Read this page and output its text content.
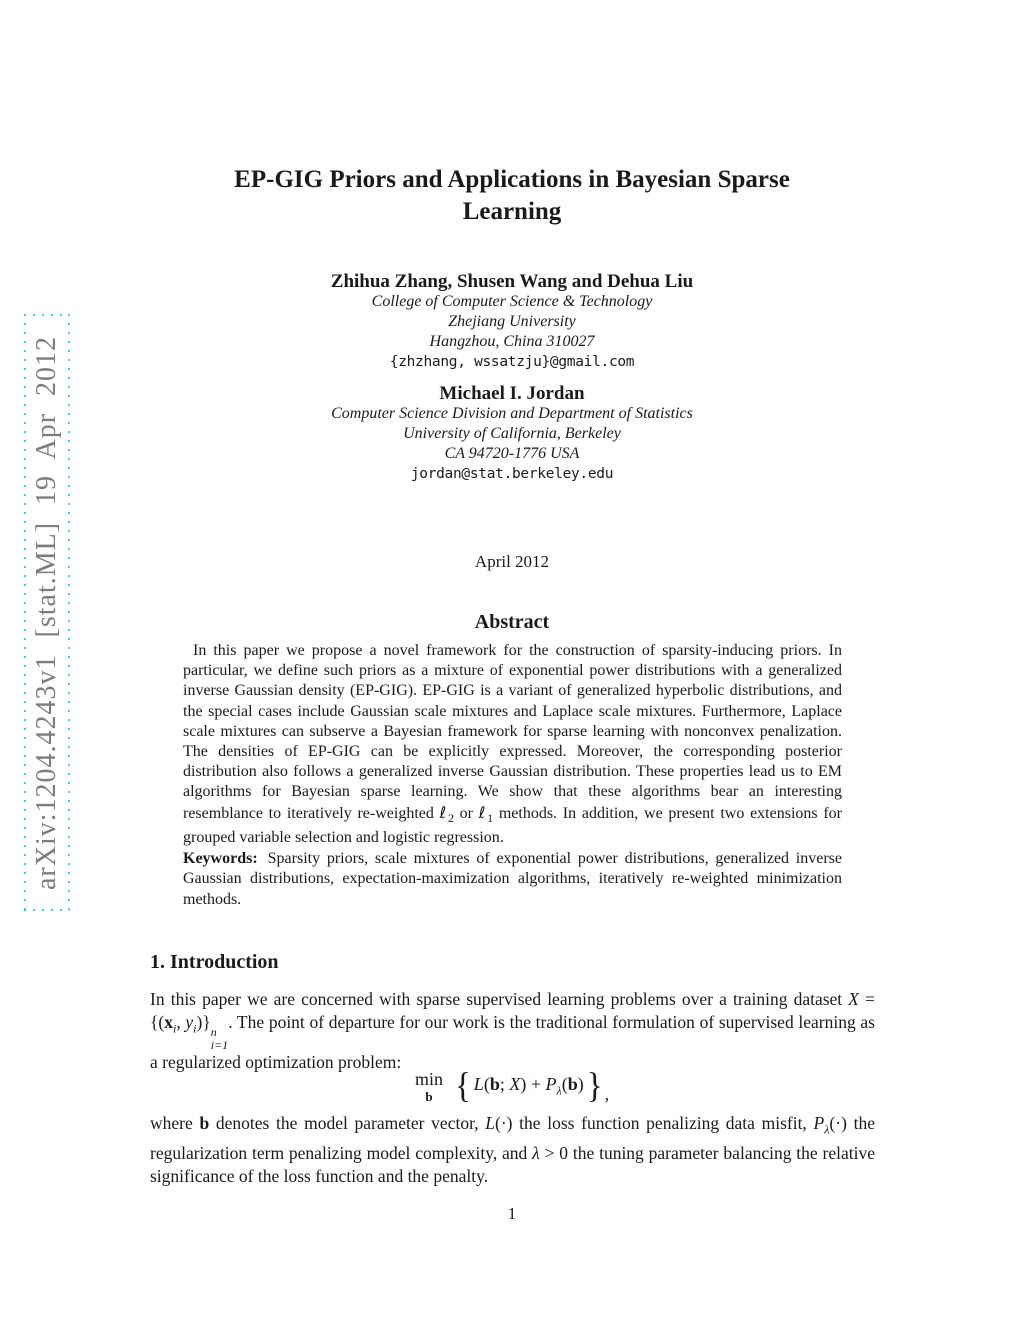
arXiv:1204.4243v1 [stat.ML] 19 Apr 2012
EP-GIG Priors and Applications in Bayesian Sparse
Learning
Zhihua Zhang, Shusen Wang and Dehua Liu
College of Computer Science & Technology
Zhejiang University
Hangzhou, China 310027
{zhzhang, wssatzju}@gmail.com
Michael I. Jordan
Computer Science Division and Department of Statistics
University of California, Berkeley
CA 94720-1776 USA
jordan@stat.berkeley.edu
April 2012
Abstract

In this paper we propose a novel framework for the construction of sparsity-inducing priors. In particular, we define such priors as a mixture of exponential power distributions with a generalized inverse Gaussian density (EP-GIG). EP-GIG is a variant of generalized hyperbolic distributions, and the special cases include Gaussian scale mixtures and Laplace scale mixtures. Furthermore, Laplace scale mixtures can subserve a Bayesian framework for sparse learning with nonconvex penalization. The densities of EP-GIG can be explicitly expressed. Moreover, the corresponding posterior distribution also follows a generalized inverse Gaussian distribution. These properties lead us to EM algorithms for Bayesian sparse learning. We show that these algorithms bear an interesting resemblance to iteratively re-weighted ℓ$_2$ or ℓ$_1$ methods. In addition, we present two extensions for grouped variable selection and logistic regression.

Keywords: Sparsity priors, scale mixtures of exponential power distributions, generalized inverse Gaussian distributions, expectation-maximization algorithms, iteratively re-weighted minimization methods.

1. Introduction

In this paper we are concerned with sparse supervised learning problems over a training dataset $X = \{(x_i$, $y_i$)} n
i=1
. The point of departure for our work is the traditional formulation of supervised learning as a regularized optimization problem:

min
b { L(b; $X) + P_\lambda(b)$ } ,

where b denotes the model parameter vector, L(·) the loss function penalizing data misfit, $P_\lambda(\cdot)$ the regularization term penalizing model complexity, and λ > 0 the tuning parameter balancing the relative significance of the loss function and the penalty.

1
